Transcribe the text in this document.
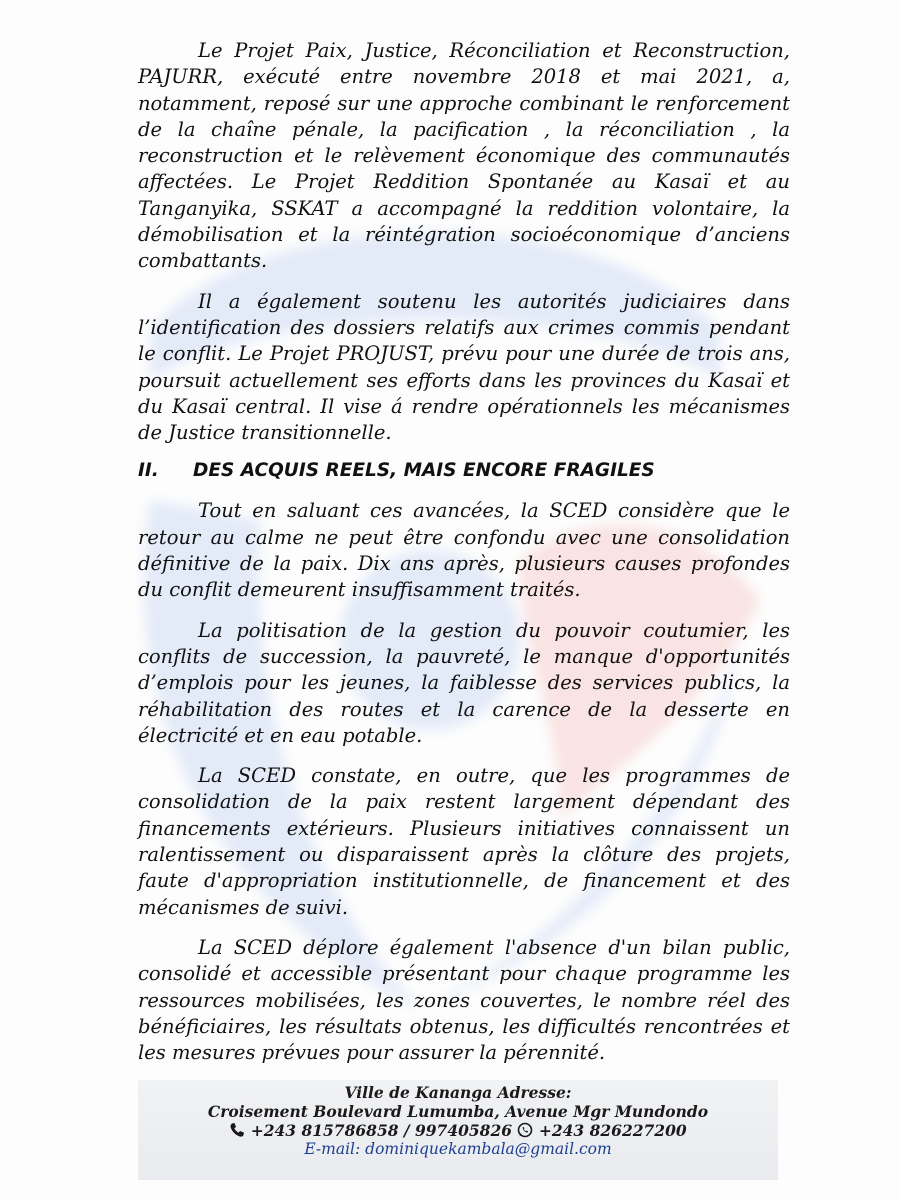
Le Projet Paix, Justice, Réconciliation et Reconstruction, PAJURR, exécuté entre novembre 2018 et mai 2021, a, notamment, reposé sur une approche combinant le renforcement de la chaîne pénale, la pacification , la réconciliation , la reconstruction et le relèvement économique des communautés affectées. Le Projet Reddition Spontanée au Kasaï et au Tanganyika, SSKAT a accompagné la reddition volontaire, la démobilisation et la réintégration socioéconomique d’anciens combattants.

Il a également soutenu les autorités judiciaires dans l’identification des dossiers relatifs aux crimes commis pendant le conflit. Le Projet PROJUST, prévu pour une durée de trois ans, poursuit actuellement ses efforts dans les provinces du Kasaï et du Kasaï central. Il vise á rendre opérationnels les mécanismes de Justice transitionnelle.

II. DES ACQUIS REELS, MAIS ENCORE FRAGILES

Tout en saluant ces avancées, la SCED considère que le retour au calme ne peut être confondu avec une consolidation définitive de la paix. Dix ans après, plusieurs causes profondes du conflit demeurent insuffisamment traités.

La politisation de la gestion du pouvoir coutumier, les conflits de succession, la pauvreté, le manque d'opportunités d’emplois pour les jeunes, la faiblesse des services publics, la réhabilitation des routes et la carence de la desserte en électricité et en eau potable.

La SCED constate, en outre, que les programmes de consolidation de la paix restent largement dépendant des financements extérieurs. Plusieurs initiatives connaissent un ralentissement ou disparaissent après la clôture des projets, faute d'appropriation institutionnelle, de financement et des mécanismes de suivi.

La SCED déplore également l'absence d'un bilan public, consolidé et accessible présentant pour chaque programme les ressources mobilisées, les zones couvertes, le nombre réel des bénéficiaires, les résultats obtenus, les difficultés rencontrées et les mesures prévues pour assurer la pérennité.

Ville de Kananga Adresse:
Croisement Boulevard Lumumba, Avenue Mgr Mundondo
+243 815786858 / 997405826 +243 826227200
E-mail: dominiquekambala@gmail.com
